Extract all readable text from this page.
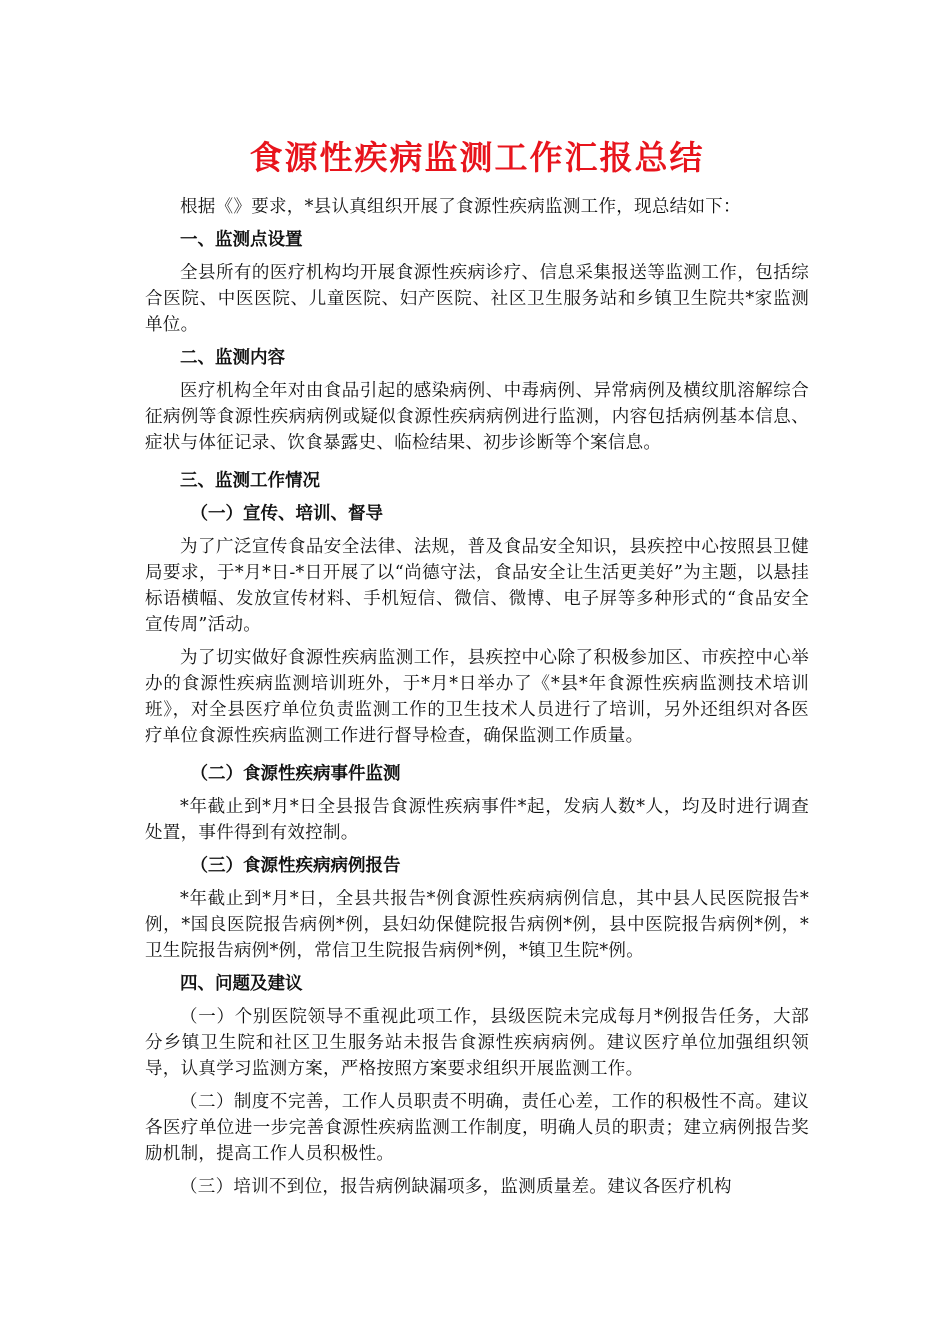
食源性疾病监测工作汇报总结

根据《》要求，*县认真组织开展了食源性疾病监测工作，现总结如下：

一、监测点设置

全县所有的医疗机构均开展食源性疾病诊疗、信息采集报送等监测工作，包括综合医院、中医医院、儿童医院、妇产医院、社区卫生服务站和乡镇卫生院共*家监测单位。

二、监测内容

医疗机构全年对由食品引起的感染病例、中毒病例、异常病例及横纹肌溶解综合征病例等食源性疾病病例或疑似食源性疾病病例进行监测，内容包括病例基本信息、症状与体征记录、饮食暴露史、临检结果、初步诊断等个案信息。

三、监测工作情况

（一）宣传、培训、督导

为了广泛宣传食品安全法律、法规，普及食品安全知识，县疾控中心按照县卫健局要求，于*月*日-*日开展了以“尚德守法，食品安全让生活更美好”为主题，以悬挂标语横幅、发放宣传材料、手机短信、微信、微博、电子屏等多种形式的“食品安全宣传周”活动。

为了切实做好食源性疾病监测工作，县疾控中心除了积极参加区、市疾控中心举办的食源性疾病监测培训班外，于*月*日举办了《*县*年食源性疾病监测技术培训班》，对全县医疗单位负责监测工作的卫生技术人员进行了培训，另外还组织对各医疗单位食源性疾病监测工作进行督导检查，确保监测工作质量。

（二）食源性疾病事件监测

*年截止到*月*日全县报告食源性疾病事件*起，发病人数*人，均及时进行调查处置，事件得到有效控制。

（三）食源性疾病病例报告

*年截止到*月*日，全县共报告*例食源性疾病病例信息，其中县人民医院报告*例，*国良医院报告病例*例，县妇幼保健院报告病例*例，县中医院报告病例*例，*卫生院报告病例*例，常信卫生院报告病例*例，*镇卫生院*例。

四、问题及建议

（一）个别医院领导不重视此项工作，县级医院未完成每月*例报告任务，大部分乡镇卫生院和社区卫生服务站未报告食源性疾病病例。建议医疗单位加强组织领导，认真学习监测方案，严格按照方案要求组织开展监测工作。

（二）制度不完善，工作人员职责不明确，责任心差，工作的积极性不高。建议各医疗单位进一步完善食源性疾病监测工作制度，明确人员的职责；建立病例报告奖励机制，提高工作人员积极性。

（三）培训不到位，报告病例缺漏项多，监测质量差。建议各医疗机构
